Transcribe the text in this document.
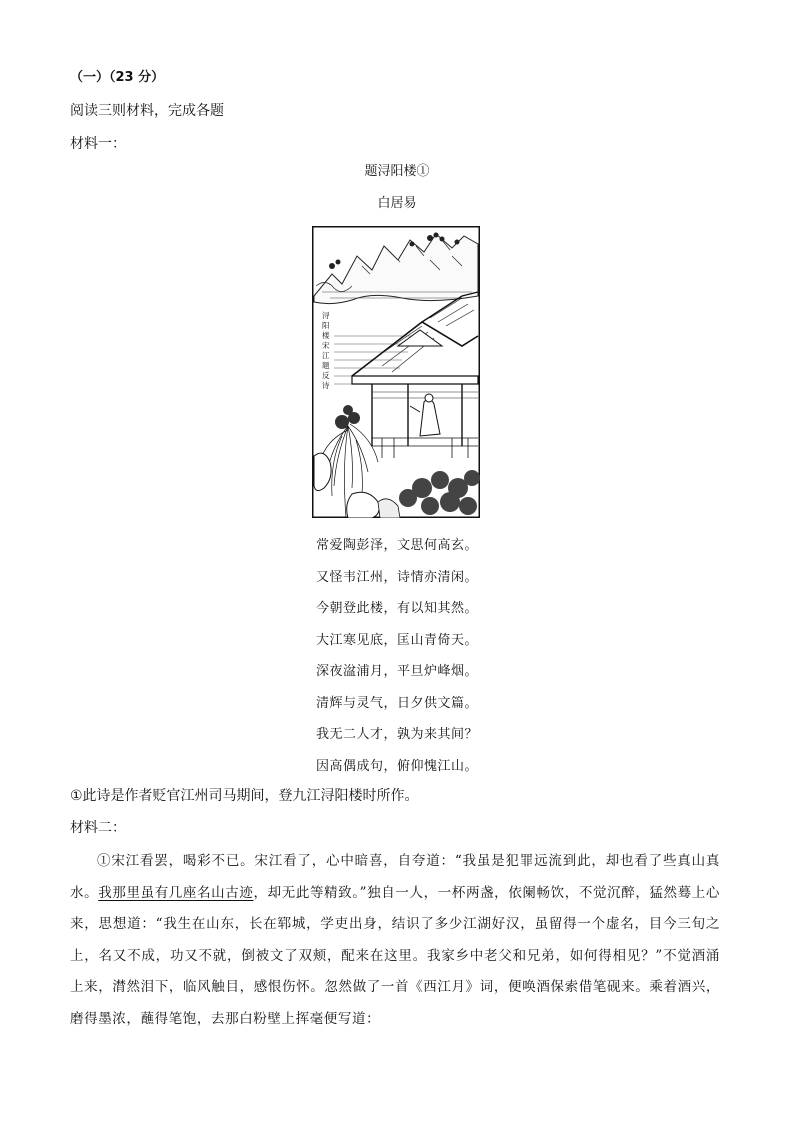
（一）（23 分）
阅读三则材料，完成各题
材料一：
题浔阳楼①
白居易
浔
阳
楼
宋
江
题
反
诗
常爱陶彭泽，文思何高玄。
又怪韦江州，诗情亦清闲。
今朝登此楼，有以知其然。
大江寒见底，匡山青倚天。
深夜湓浦月，平旦炉峰烟。
清辉与灵气，日夕供文篇。
我无二人才，孰为来其间？
因高偶成句，俯仰愧江山。
①此诗是作者贬官江州司马期间，登九江浔阳楼时所作。
材料二：
①宋江看罢，喝彩不已。宋江看了，心中暗喜，自夸道：“我虽是犯罪远流到此，却也看了些真山真水。我那里虽有几座名山古迹，却无此等精致。”独自一人，一杯两盏，依阑畅饮，不觉沉醉，猛然蓦上心来，思想道：“我生在山东，长在郓城，学吏出身，结识了多少江湖好汉，虽留得一个虚名，目今三旬之上，名又不成，功又不就，倒被文了双颊，配来在这里。我家乡中老父和兄弟，如何得相见？”不觉酒涌上来，潸然泪下，临风触目，感恨伤怀。忽然做了一首《西江月》词，便唤酒保索借笔砚来。乘着酒兴，磨得墨浓，蘸得笔饱，去那白粉壁上挥毫便写道：
